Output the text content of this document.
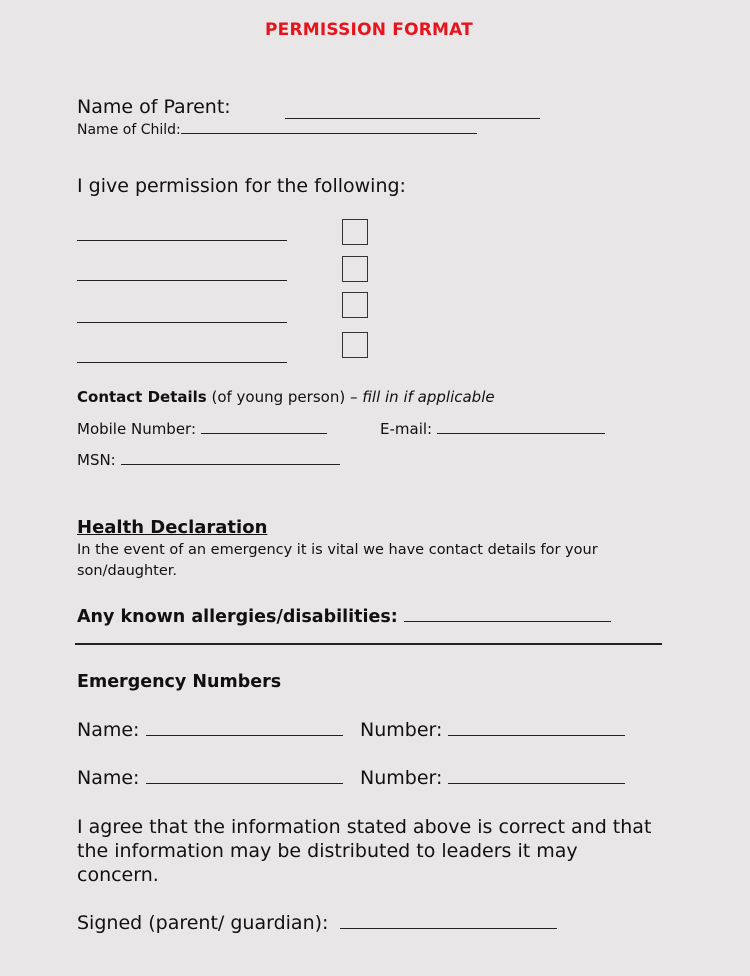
PERMISSION FORMAT
Name of Parent:
Name of Child:
I give permission for the following:
Contact Details (of young person) – fill in if applicable
Mobile Number:	E-mail:
MSN:
Health Declaration
In the event of an emergency it is vital we have contact details for your
son/daughter.
Any known allergies/disabilities:
Emergency Numbers
Name:	Number:
Name:	Number:
I agree that the information stated above is correct and that
the information may be distributed to leaders it may
concern.
Signed (parent/ guardian):
